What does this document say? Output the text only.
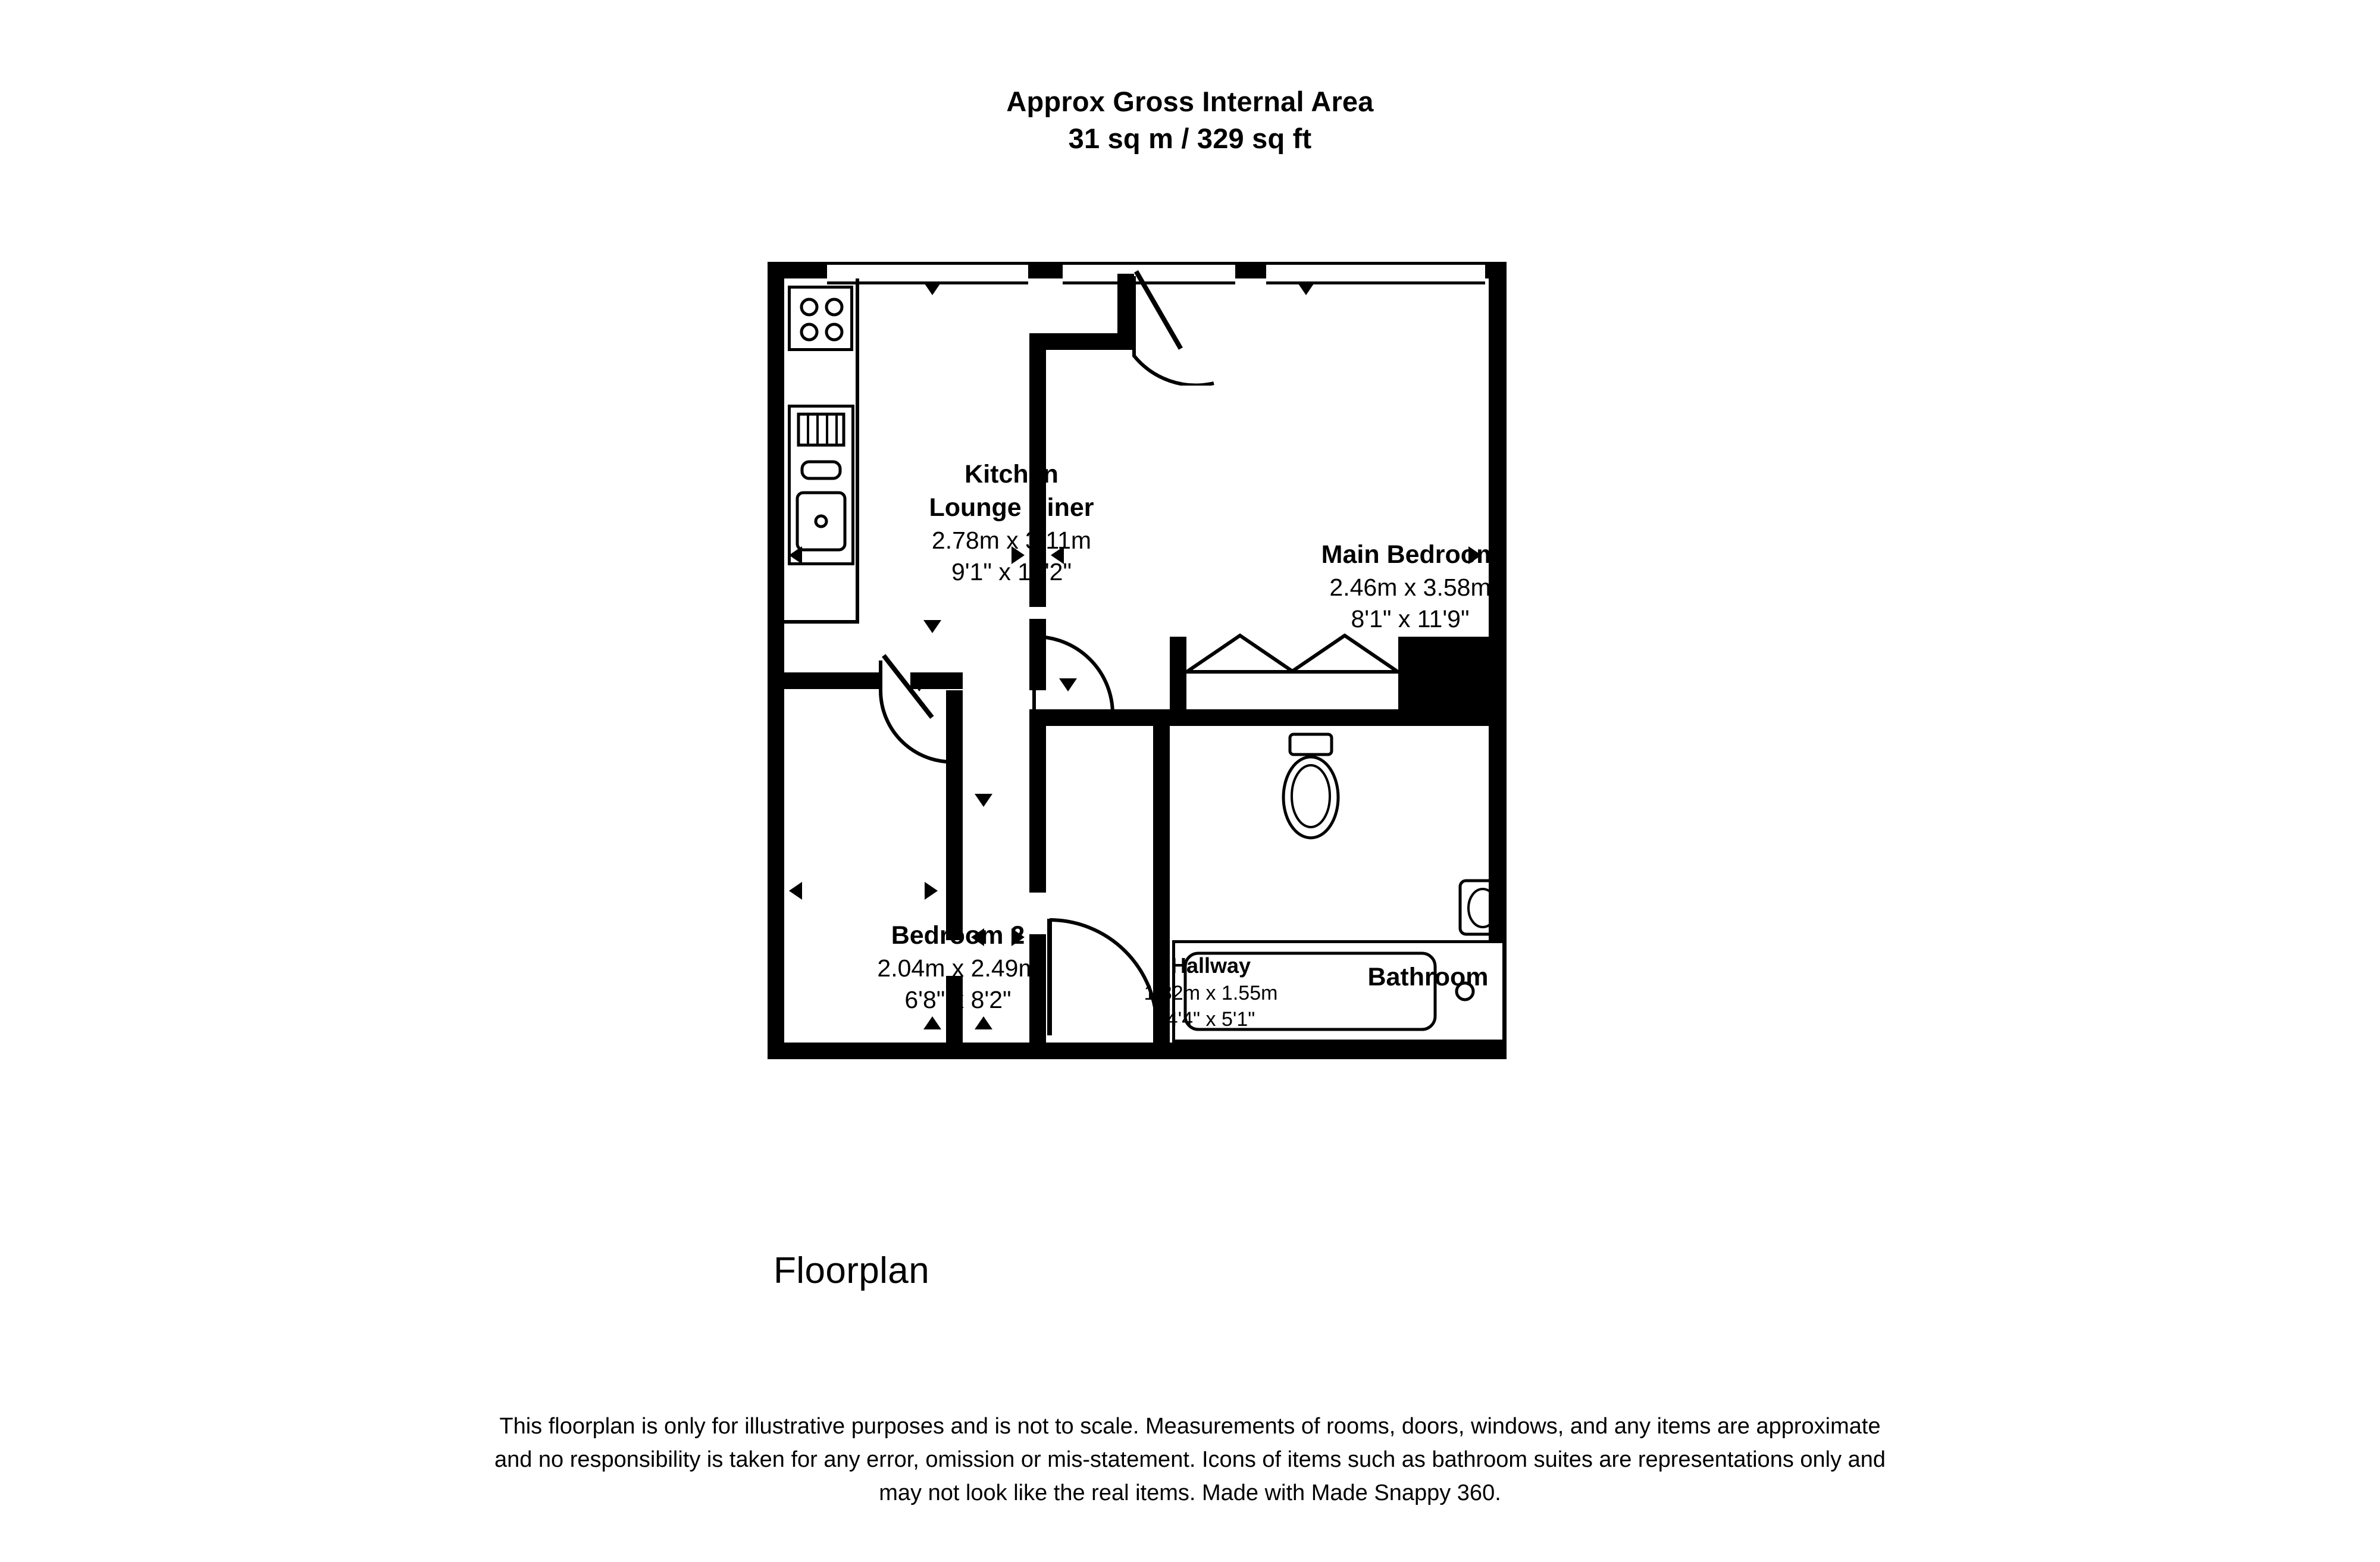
Approx Gross Internal Area
31 sq m / 329 sq ft
Kitchen
Lounge Diner
2.78m x 3.11m
9'1" x 10'2"
Main Bedroom
2.46m x 3.58m
8'1" x 11'9"
Bedroom 2
2.04m x 2.49m
6'8" x 8'2"
Hallway
1.32m x 1.55m
4'4" x 5'1"
Bathroom
Floorplan
This floorplan is only for illustrative purposes and is not to scale. Measurements of rooms, doors, windows, and any items are approximate
and no responsibility is taken for any error, omission or mis-statement. Icons of items such as bathroom suites are representations only and
may not look like the real items. Made with Made Snappy 360.
